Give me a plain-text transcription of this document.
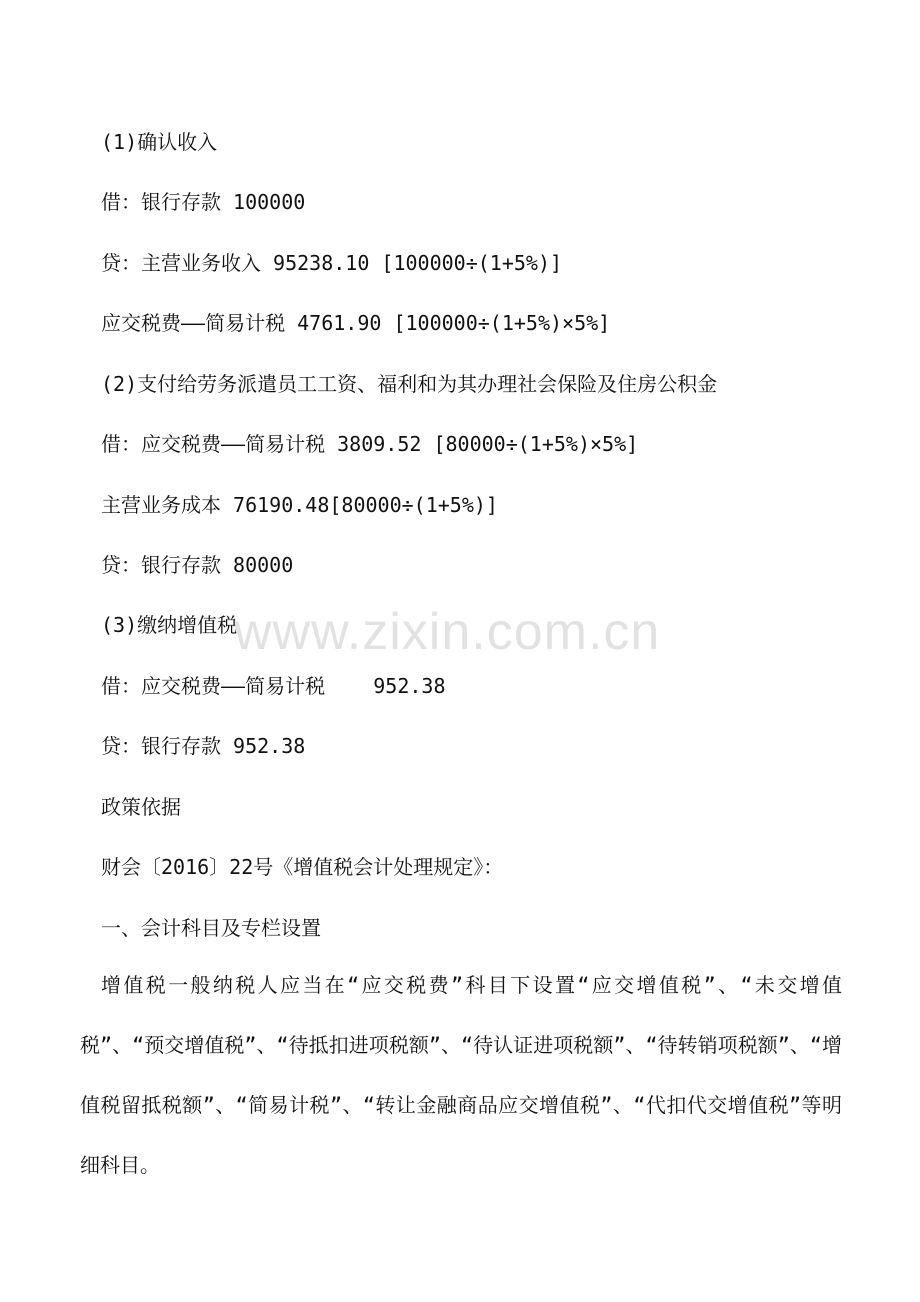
(1)确认收入
借：银行存款 100000
贷：主营业务收入 95238.10 [100000÷(1+5%)]
应交税费——简易计税 4761.90 [100000÷(1+5%)×5%]
(2)支付给劳务派遣员工工资、福利和为其办理社会保险及住房公积金
借：应交税费——简易计税 3809.52 [80000÷(1+5%)×5%]
主营业务成本 76190.48[80000÷(1+5%)]
贷：银行存款 80000
(3)缴纳增值税
借：应交税费——简易计税    952.38
贷：银行存款 952.38
政策依据
财会〔2016〕22号《增值税会计处理规定》：
一、会计科目及专栏设置
增值税一般纳税人应当在“应交税费”科目下设置“应交增值税”、“未交增值税”、“预交增值税”、“待抵扣进项税额”、“待认证进项税额”、“待转销项税额”、“增值税留抵税额”、“简易计税”、“转让金融商品应交增值税”、“代扣代交增值税”等明细科目。
www.zixin.com.cn
